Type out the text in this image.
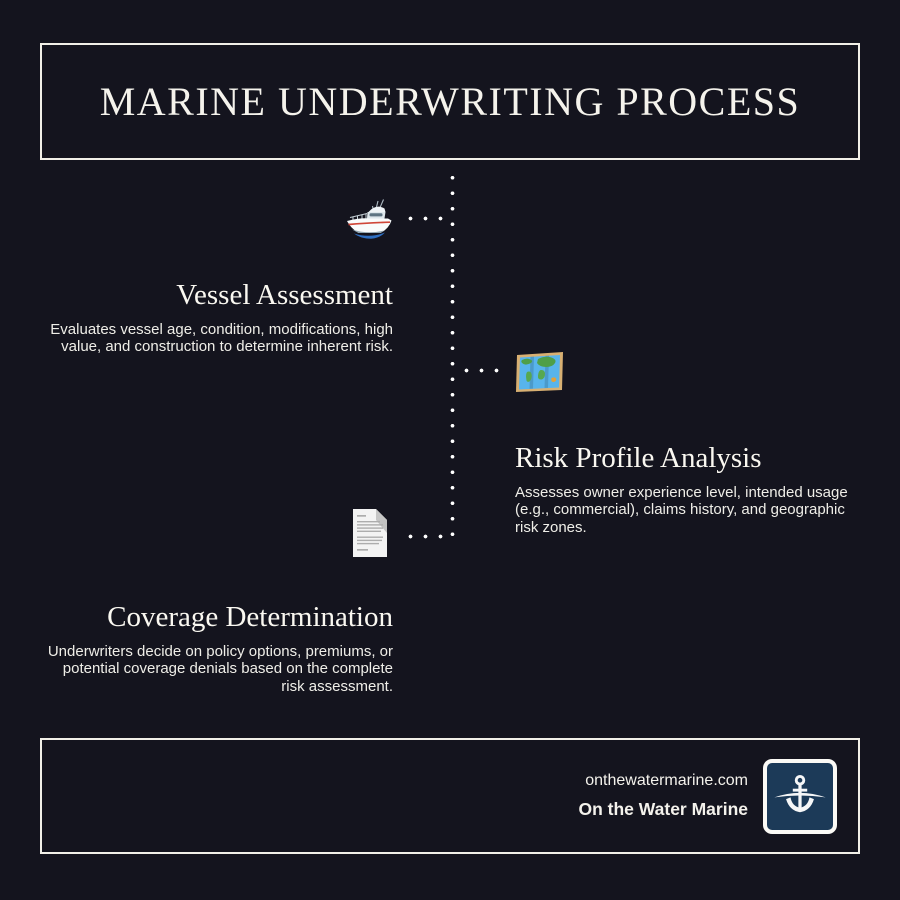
MARINE UNDERWRITING PROCESS
Vessel Assessment

Evaluates vessel age, condition, modifications, high value, and construction to determine inherent risk.

Risk Profile Analysis

Assesses owner experience level, intended usage (e.g., commercial), claims history, and geographic risk zones.

Coverage Determination

Underwriters decide on policy options, premiums, or potential coverage denials based on the complete risk assessment.

onthewatermarine.com
On the Water Marine
